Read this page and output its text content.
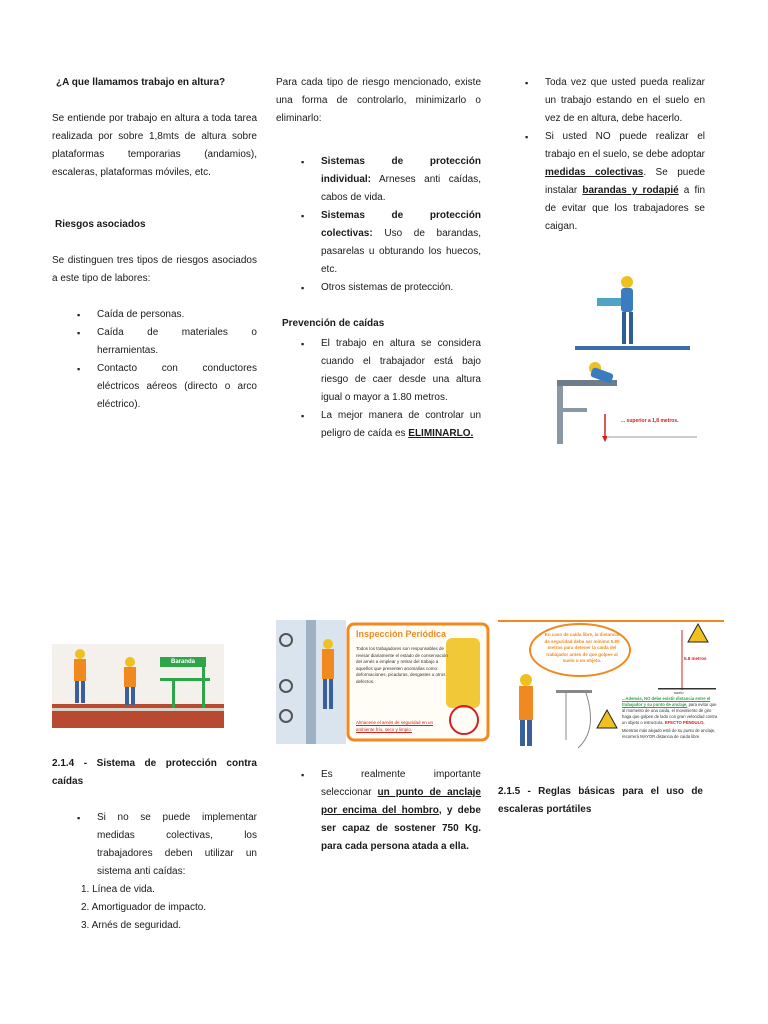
¿A que llamamos trabajo en altura?

Se entiende por trabajo en altura a toda tarea realizada por sobre 1,8mts de altura sobre plataformas temporarias (andamios), escaleras, plataformas móviles, etc.

Riesgos asociados

Se distinguen tres tipos de riesgos asociados a este tipo de labores:

▪ Caída de personas.
▪ Caída de materiales o herramientas.
▪ Contacto con conductores eléctricos aéreos (directo o arco eléctrico).

Para cada tipo de riesgo mencionado, existe una forma de controlarlo, minimizarlo o eliminarlo:

▪ Sistemas de protección individual: Arneses anti caídas, cabos de vida.
▪ Sistemas de protección colectivas: Uso de barandas, pasarelas u obturando los huecos, etc.
▪ Otros sistemas de protección.
Prevención de caídas
▪ El trabajo en altura se considera cuando el trabajador está bajo riesgo de caer desde una altura igual o mayor a 1.80 metros.
▪ La mejor manera de controlar un peligro de caída es ELIMINARLO.
▪ Toda vez que usted pueda realizar un trabajo estando en el suelo en vez de en altura, debe hacerlo.
▪ Si usted NO puede realizar el trabajo en el suelo, se debe adoptar medidas colectivas. Se puede instalar barandas y rodapié a fin de evitar que los trabajadores se caigan.
... superior a 1,8 metros.
Baranda
2.1.4 - Sistema de protección contra caídas
▪ Si no se puede implementar medidas colectivas, los trabajadores deben utilizar un sistema anti caídas:
1. Línea de vida.
2. Amortiguador de impacto.
3. Arnés de seguridad.
Inspección Periódica
Todos los trabajadores son responsables de revisar diariamente el estado de conservación del arnés a emplear y retirar del trabajo a aquellos que presenten anomalías como: deformaciones, picaduras, desgastes u otros defectos.
Almacene el arnés de seguridad en un ambiente frío, seco y limpio.
▪ Es realmente importante seleccionar un punto de anclaje por encima del hombro, y debe ser capaz de sostener 750 Kg. para cada persona atada a ella.
En caso de caída libre, la distancia de seguridad debe ser mínimo 5.80 metros para detener la caída del trabajador antes de que golpee al suelo u un objeto.	5.8 metros
suelo
...Además, NO debe existir distancia entre el trabajador y su punto de anclaje, para evitar que al momento de una caída, el movimiento de giro haga que golpee de lado con gran velocidad contra un objeto o estructura. EFECTO PÉNDULO.
Mientras más alejado esté de su punto de anclaje, recorrerá MAYOR distancia de caída libre.
2.1.5 - Reglas básicas para el uso de escaleras portátiles
